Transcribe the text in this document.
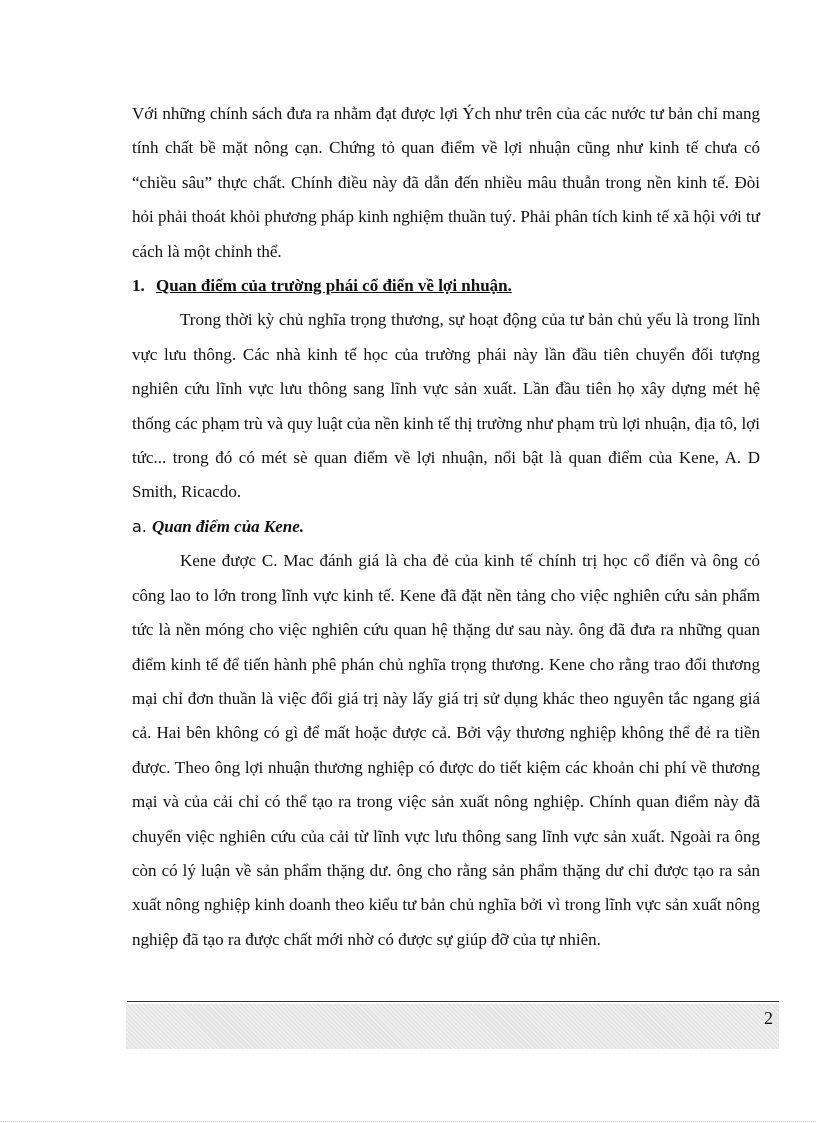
Với những chính sách đưa ra nhằm đạt được lợi Ých như trên của các nước tư bản chỉ mang tính chất bề mặt nông cạn. Chứng tỏ quan điểm về lợi nhuận cũng như kinh tế chưa có “chiều sâu” thực chất. Chính điều này đã dẫn đến nhiều mâu thuẫn trong nền kinh tế. Đòi hỏi phải thoát khỏi phương pháp kinh nghiệm thuần tuý. Phải phân tích kinh tế xã hội với tư cách là một chỉnh thể.

1. Quan điểm của trường phái cổ điển về lợi nhuận.

Trong thời kỳ chủ nghĩa trọng thương, sự hoạt động của tư bản chủ yếu là trong lĩnh vực lưu thông. Các nhà kinh tế học của trường phái này lần đầu tiên chuyển đối tượng nghiên cứu lĩnh vực lưu thông sang lĩnh vực sản xuất. Lần đầu tiên họ xây dựng mét hệ thống các phạm trù và quy luật của nền kinh tế thị trường như phạm trù lợi nhuận, địa tô, lợi tức... trong đó có mét sè quan điểm về lợi nhuận, nổi bật là quan điểm của Kene, A. D Smith, Ricacdo.

a. Quan điểm của Kene.

Kene được C. Mac đánh giá là cha đẻ của kinh tế chính trị học cổ điển và ông có công lao to lớn trong lĩnh vực kinh tế. Kene đã đặt nền tảng cho việc nghiên cứu sản phẩm tức là nền móng cho việc nghiên cứu quan hệ thặng dư sau này. ông đã đưa ra những quan điểm kinh tế để tiến hành phê phán chủ nghĩa trọng thương. Kene cho rằng trao đổi thương mại chỉ đơn thuần là việc đổi giá trị này lấy giá trị sử dụng khác theo nguyên tắc ngang giá cả. Hai bên không có gì để mất hoặc được cả. Bởi vậy thương nghiệp không thể đẻ ra tiền được. Theo ông lợi nhuận thương nghiệp có được do tiết kiệm các khoản chi phí về thương mại và của cải chỉ có thể tạo ra trong việc sản xuất nông nghiệp. Chính quan điểm này đã chuyển việc nghiên cứu của cải từ lĩnh vực lưu thông sang lĩnh vực sản xuất. Ngoài ra ông còn có lý luận về sản phẩm thặng dư. ông cho rằng sản phẩm thặng dư chỉ được tạo ra sản xuất nông nghiệp kinh doanh theo kiểu tư bản chủ nghĩa bởi vì trong lĩnh vực sản xuất nông nghiệp đã tạo ra được chất mới nhờ có được sự giúp đỡ của tự nhiên.

2
